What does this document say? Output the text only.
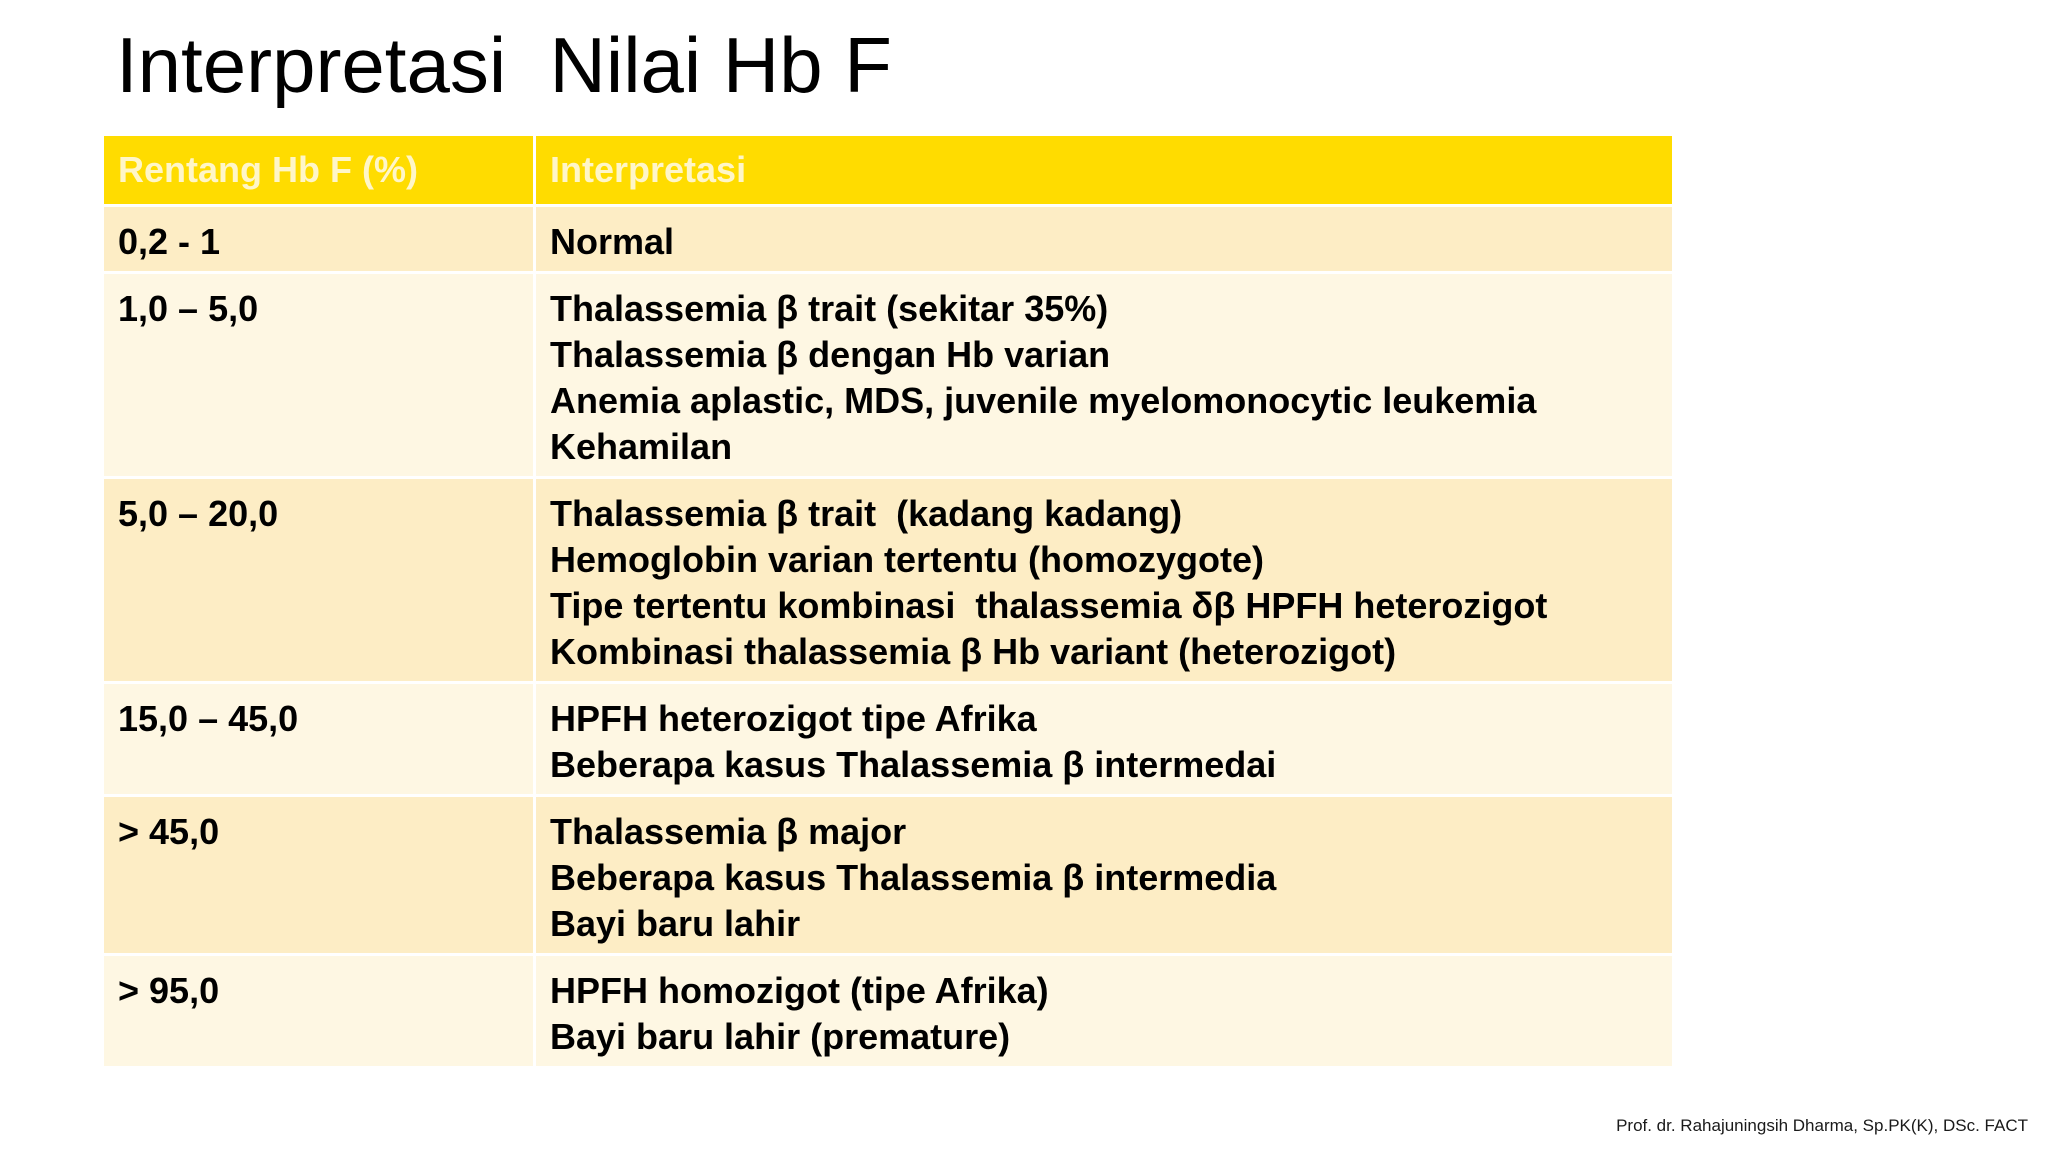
Interpretasi  Nilai Hb F
Rentang Hb F (%)	Interpretasi
0,2 - 1	Normal

1,0 – 5,0	Thalassemia β trait (sekitar 35%)
Thalassemia β dengan Hb varian
Anemia aplastic, MDS, juvenile myelomonocytic leukemia
Kehamilan

5,0 – 20,0	Thalassemia β trait  (kadang kadang)
Hemoglobin varian tertentu (homozygote)
Tipe tertentu kombinasi  thalassemia δβ HPFH heterozigot
Kombinasi thalassemia β Hb variant (heterozigot)

15,0 – 45,0	HPFH heterozigot tipe Afrika
Beberapa kasus Thalassemia β intermedai

> 45,0	Thalassemia β major
Beberapa kasus Thalassemia β intermedia
Bayi baru lahir

> 95,0	HPFH homozigot (tipe Afrika)
Bayi baru lahir (premature)
Prof. dr. Rahajuningsih Dharma, Sp.PK(K), DSc. FACT
